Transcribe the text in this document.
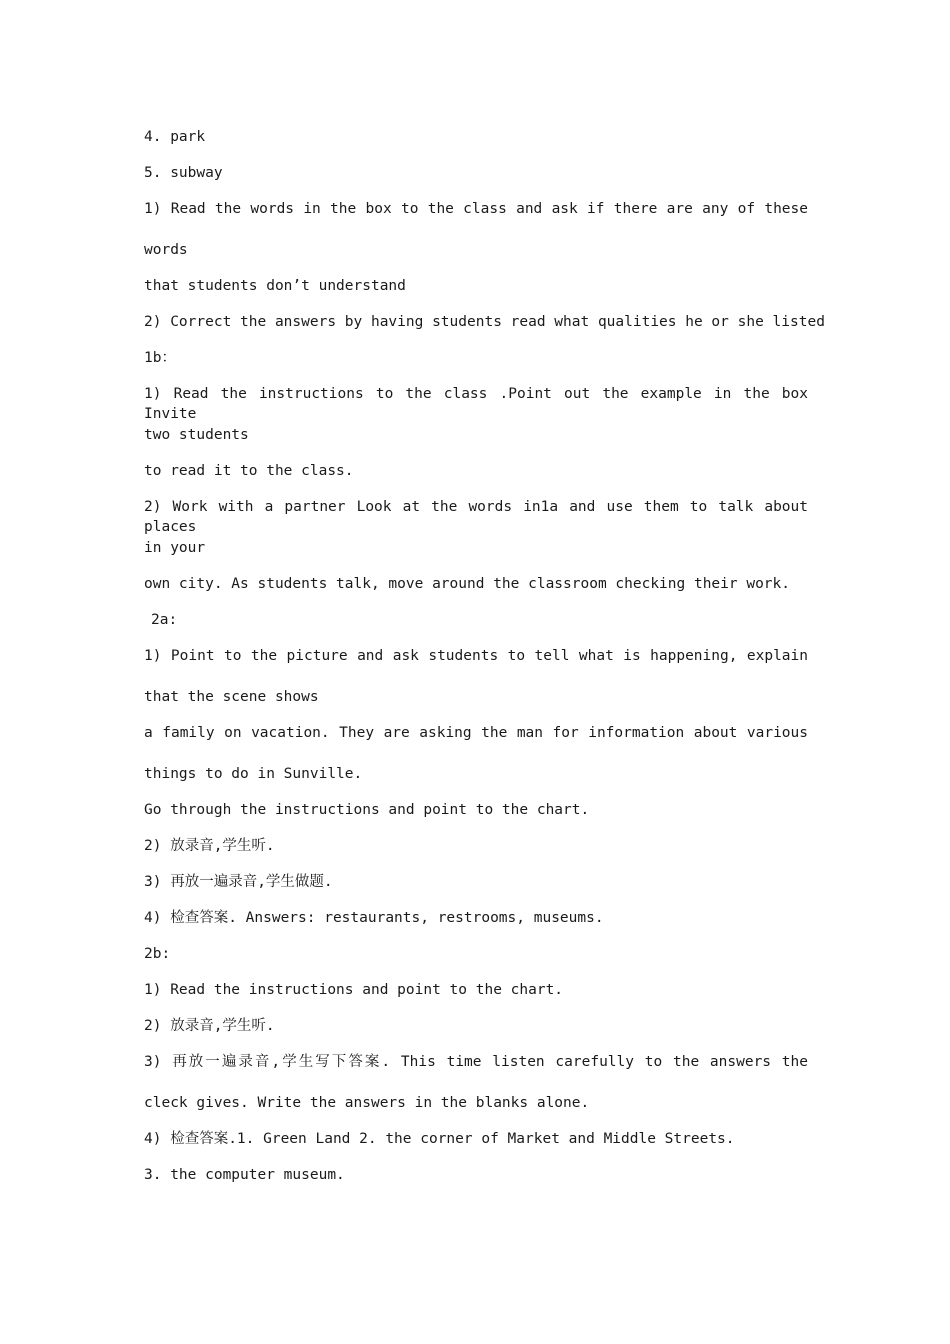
4. park

5. subway

1) Read the words in the box to the class and ask if there are any of these

words

that students don’t understand

2) Correct the answers by having students read what qualities he or she listed

1b：

1) Read the instructions to the class .Point out the example in the box Invite

two students

to read it to the class.

2) Work with a partner Look at the words in1a and use them to talk about places

in your

own city. As students talk, move around the classroom checking their work.

2a:

1) Point to the picture and ask students to tell what is happening, explain

that the scene shows

a family on vacation. They are asking the man for information about various

things to do in Sunville.

Go through the instructions and point to the chart.

2) 放录音,学生听.

3) 再放一遍录音,学生做题.

4) 检查答案. Answers: restaurants, restrooms, museums.

2b:

1) Read the instructions and point to the chart.

2) 放录音,学生听.

3) 再放一遍录音,学生写下答案. This time listen carefully to the answers the

cleck gives. Write the answers in the blanks alone.

4) 检查答案.1. Green Land 2. the corner of Market and Middle Streets.

3. the computer museum.
